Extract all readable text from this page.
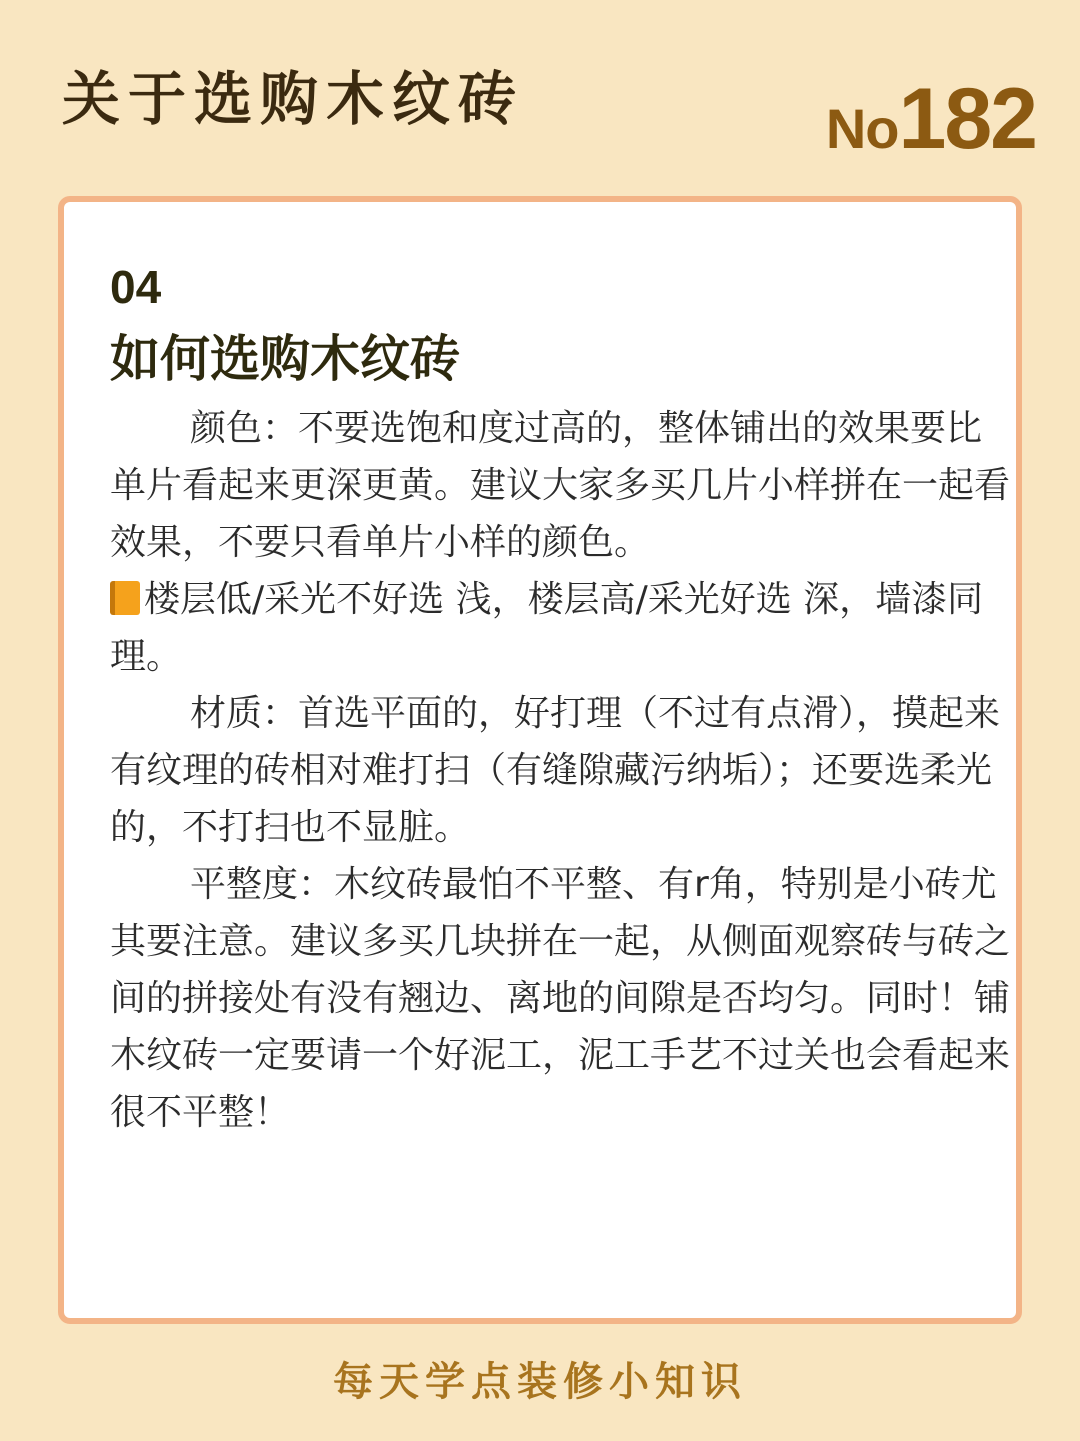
关于选购木纹砖	No182
04
如何选购木纹砖

颜色：不要选饱和度过高的，整体铺出的效果要比单片看起来更深更黄。建议大家多买几片小样拼在一起看效果，不要只看单片小样的颜色。

楼层低/采光不好选 浅，楼层高/采光好选 深，墙漆同理。

材质：首选平面的，好打理（不过有点滑），摸起来有纹理的砖相对难打扫（有缝隙藏污纳垢）；还要选柔光的，不打扫也不显脏。

平整度：木纹砖最怕不平整、有r角，特别是小砖尤其要注意。建议多买几块拼在一起，从侧面观察砖与砖之间的拼接处有没有翘边、离地的间隙是否均匀。同时！铺木纹砖一定要请一个好泥工，泥工手艺不过关也会看起来很不平整！

每天学点装修小知识
